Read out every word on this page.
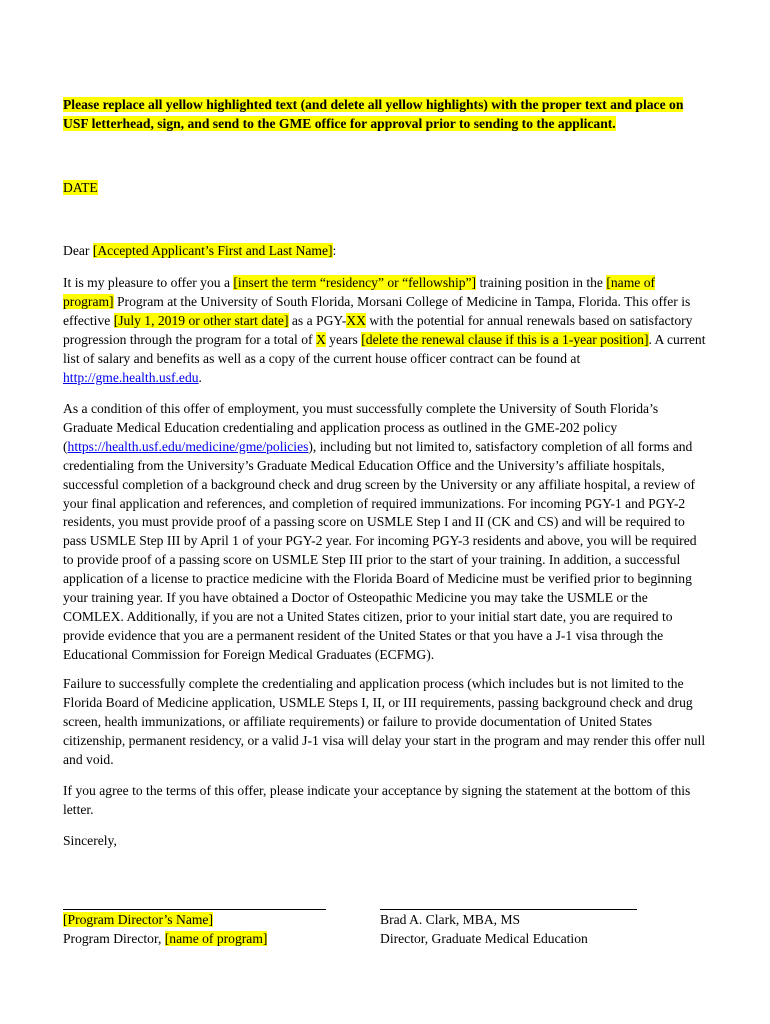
Please replace all yellow highlighted text (and delete all yellow highlights) with the proper text and place on USF letterhead, sign, and send to the GME office for approval prior to sending to the applicant.

DATE

Dear [Accepted Applicant’s First and Last Name]:

It is my pleasure to offer you a [insert the term “residency” or “fellowship”] training position in the [name of program] Program at the University of South Florida, Morsani College of Medicine in Tampa, Florida. This offer is effective [July 1, 2019 or other start date] as a PGY-XX with the potential for annual renewals based on satisfactory progression through the program for a total of X years [delete the renewal clause if this is a 1-year position]. A current list of salary and benefits as well as a copy of the current house officer contract can be found at http://gme.health.usf.edu.

As a condition of this offer of employment, you must successfully complete the University of South Florida’s Graduate Medical Education credentialing and application process as outlined in the GME-202 policy (https://health.usf.edu/medicine/gme/policies), including but not limited to, satisfactory completion of all forms and credentialing from the University’s Graduate Medical Education Office and the University’s affiliate hospitals, successful completion of a background check and drug screen by the University or any affiliate hospital, a review of your final application and references, and completion of required immunizations. For incoming PGY-1 and PGY-2 residents, you must provide proof of a passing score on USMLE Step I and II (CK and CS) and will be required to pass USMLE Step III by April 1 of your PGY-2 year. For incoming PGY-3 residents and above, you will be required to provide proof of a passing score on USMLE Step III prior to the start of your training. In addition, a successful application of a license to practice medicine with the Florida Board of Medicine must be verified prior to beginning your training year. If you have obtained a Doctor of Osteopathic Medicine you may take the USMLE or the COMLEX. Additionally, if you are not a United States citizen, prior to your initial start date, you are required to provide evidence that you are a permanent resident of the United States or that you have a J-1 visa through the Educational Commission for Foreign Medical Graduates (ECFMG).

Failure to successfully complete the credentialing and application process (which includes but is not limited to the Florida Board of Medicine application, USMLE Steps I, II, or III requirements, passing background check and drug screen, health immunizations, or affiliate requirements) or failure to provide documentation of United States citizenship, permanent residency, or a valid J-1 visa will delay your start in the program and may render this offer null and void.

If you agree to the terms of this offer, please indicate your acceptance by signing the statement at the bottom of this letter.

Sincerely,

[Program Director’s Name]
Program Director, [name of program]
Brad A. Clark, MBA, MS
Director, Graduate Medical Education
